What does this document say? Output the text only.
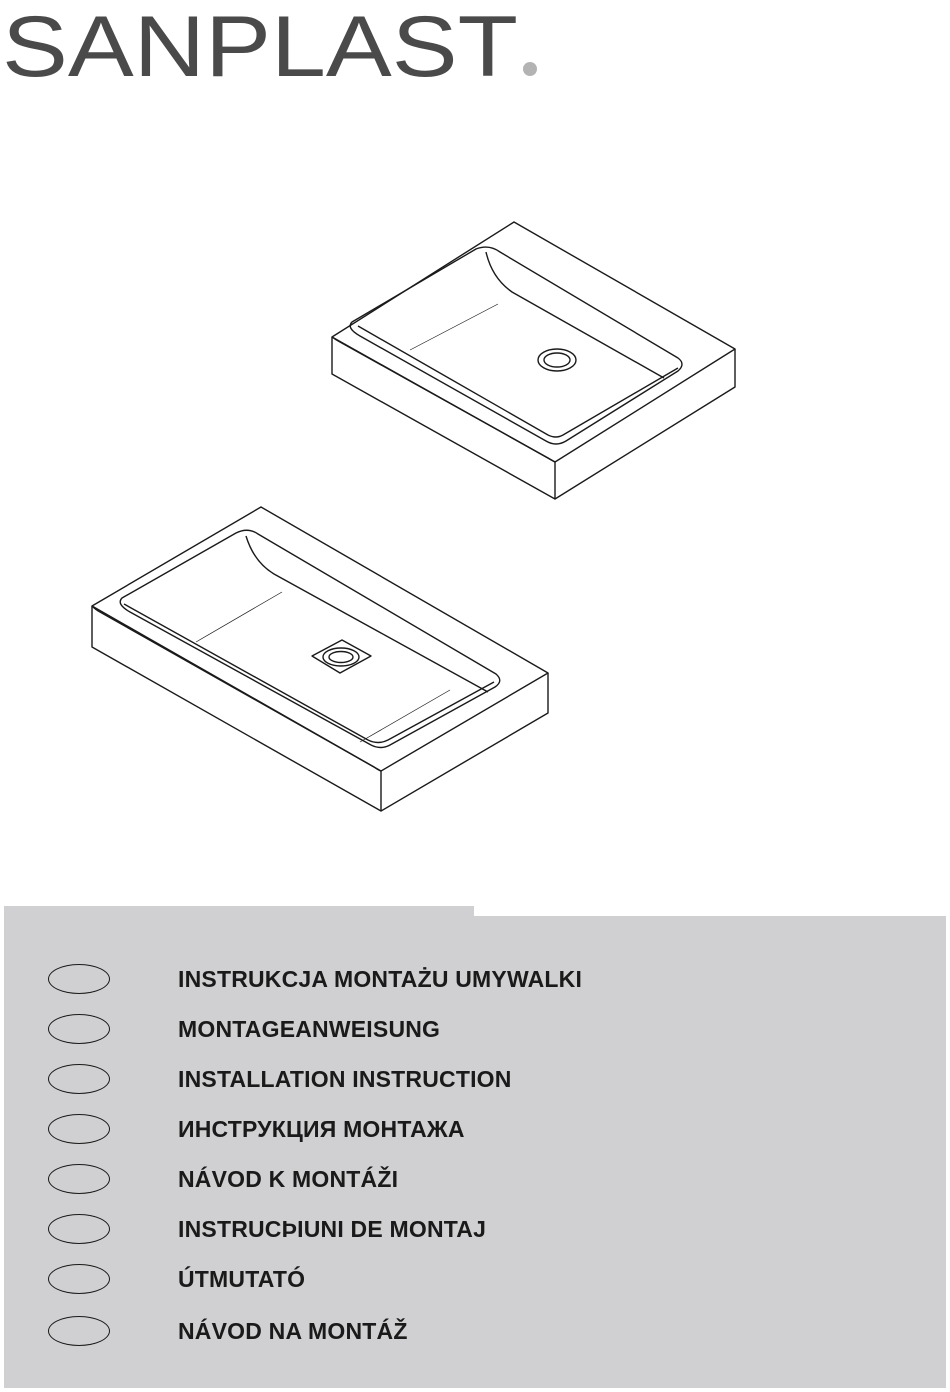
SANPLAST
INSTRUKCJA MONTAŻU UMYWALKI
MONTAGEANWEISUNG
INSTALLATION INSTRUCTION
ИНСТРУКЦИЯ МОНТАЖА
NÁVOD K MONTÁŽI
INSTRUCÞIUNI DE MONTAJ
ÚTMUTATÓ
NÁVOD NA MONTÁŽ
